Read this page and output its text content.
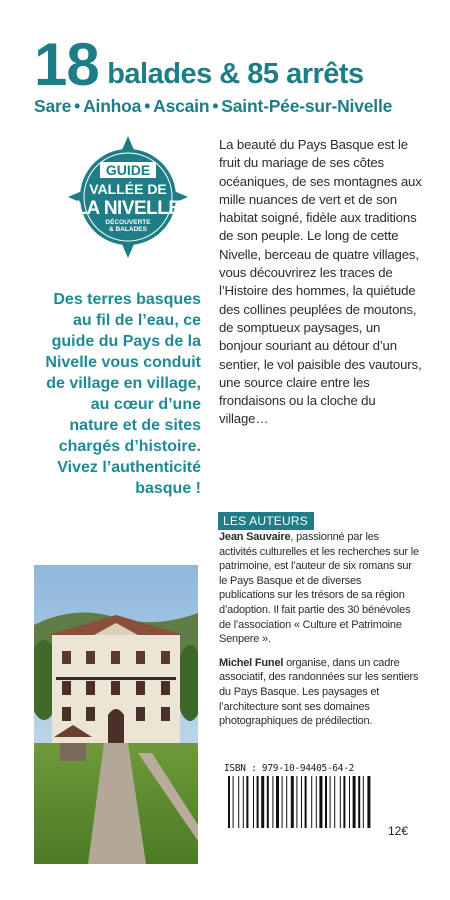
18 balades & 85 arrêts
Sare • Ainhoa • Ascain • Saint-Pée-sur-Nivelle
GUIDE
VALLÉE DE
LA NIVELLE
DÉCOUVERTE
& BALADES
Des terres basques au fil de l’eau, ce guide du Pays de la Nivelle vous conduit de village en village, au cœur d’une nature et de sites chargés d’histoire. Vivez l’authenticité basque !
La beauté du Pays Basque est le fruit du mariage de ses côtes océaniques, de ses montagnes aux mille nuances de vert et de son habitat soigné, fidèle aux traditions de son peuple. Le long de cette Nivelle, berceau de quatre villages, vous découvrirez les traces de l’Histoire des hommes, la quiétude des collines peuplées de moutons, de somptueux paysages, un bonjour souriant au détour d’un sentier, le vol paisible des vautours, une source claire entre les frondaisons ou la cloche du village…
LES AUTEURS

Jean Sauvaire, passionné par les activités culturelles et les recherches sur le patrimoine, est l’auteur de six romans sur le Pays Basque et de diverses publications sur les trésors de sa région d’adoption. Il fait partie des 30 bénévoles de l’association « Culture et Patrimoine Senpere ».

Michel Funel organise, dans un cadre associatif, des randonnées sur les sentiers du Pays Basque. Les paysages et l’architecture sont ses domaines photographiques de prédilection.

ISBN : 979-10-94405-64-2
12€
